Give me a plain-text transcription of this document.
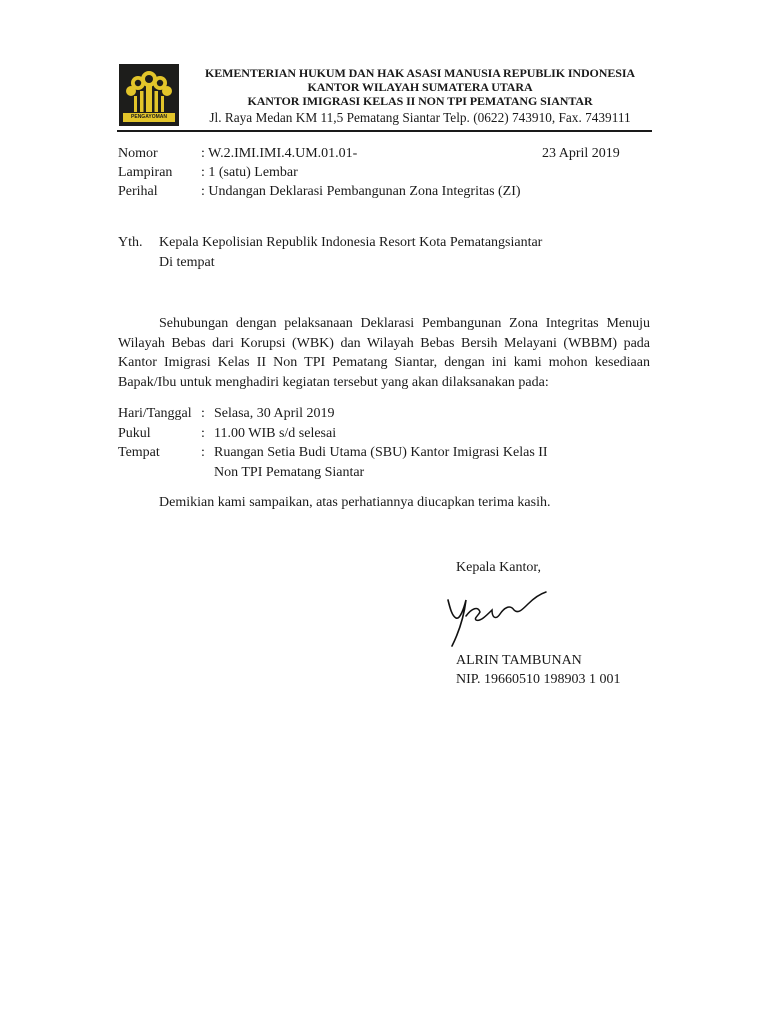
PENGAYOMAN
KEMENTERIAN HUKUM DAN HAK ASASI MANUSIA REPUBLIK INDONESIA
KANTOR WILAYAH SUMATERA UTARA
KANTOR IMIGRASI KELAS II NON TPI PEMATANG SIANTAR
Jl. Raya Medan KM 11,5 Pematang Siantar Telp. (0622) 743910, Fax. 7439111
Nomor	: W.2.IMI.IMI.4.UM.01.01-	23 April 2019
Lampiran : 1 (satu) Lembar
Perihal	: Undangan Deklarasi Pembangunan Zona Integritas (ZI)
Yth. Kepala Kepolisian Republik Indonesia Resort Kota Pematangsiantar
Di tempat
Sehubungan dengan pelaksanaan Deklarasi Pembangunan Zona Integritas Menuju Wilayah Bebas dari Korupsi (WBK) dan Wilayah Bebas Bersih Melayani (WBBM) pada Kantor Imigrasi Kelas II Non TPI Pematang Siantar, dengan ini kami mohon kesediaan Bapak/Ibu untuk menghadiri kegiatan tersebut yang akan dilaksanakan pada:
Hari/Tanggal : Selasa, 30 April 2019
Pukul	: 11.00 WIB s/d selesai
Tempat	: Ruangan Setia Budi Utama (SBU) Kantor Imigrasi Kelas II
Non TPI Pematang Siantar
Demikian kami sampaikan, atas perhatiannya diucapkan terima kasih.
Kepala Kantor,
ALRIN TAMBUNAN
NIP. 19660510 198903 1 001
